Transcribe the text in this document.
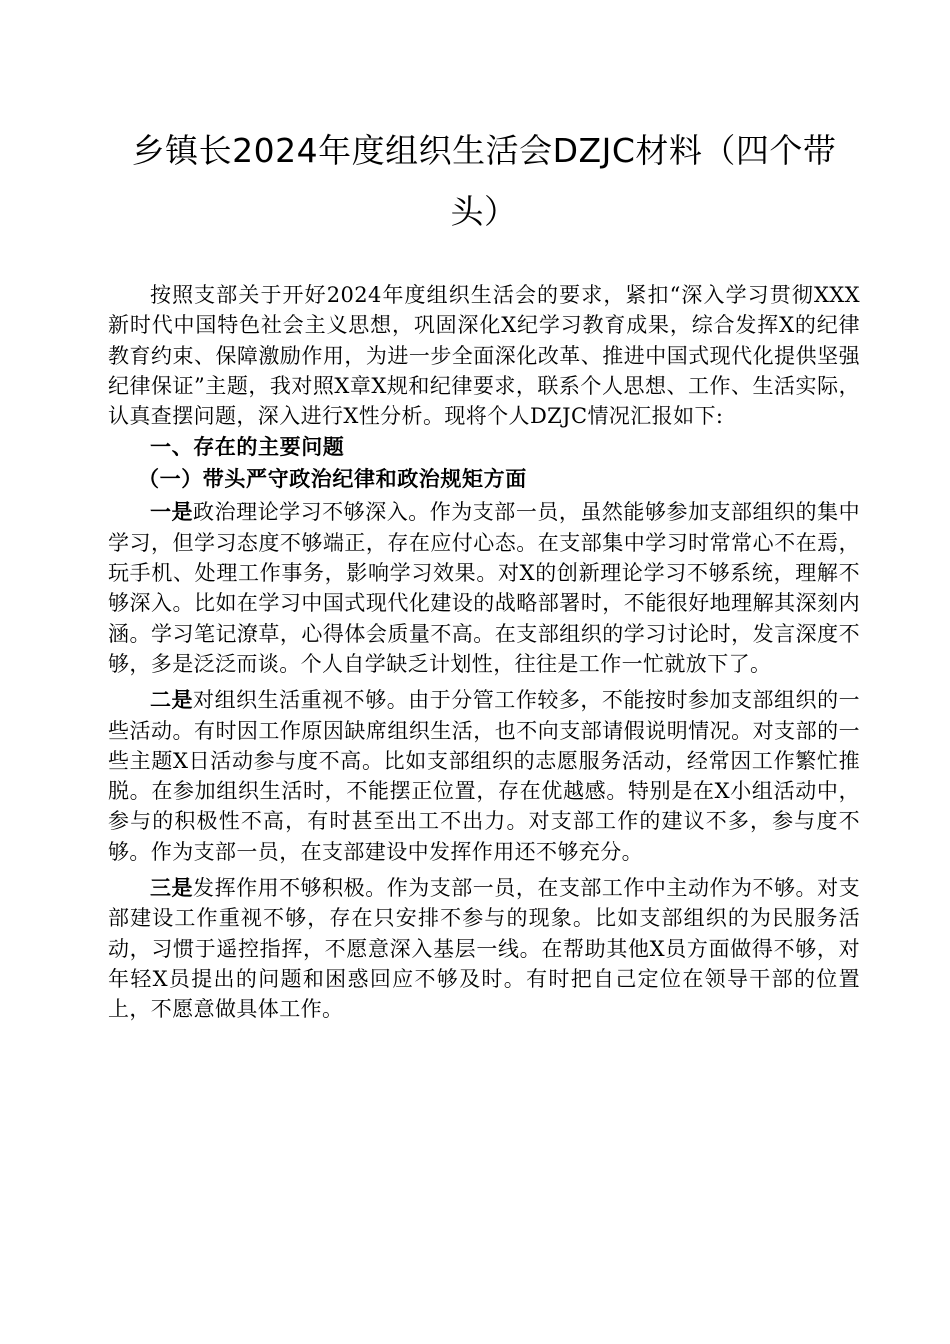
乡镇长2024年度组织生活会DZJC材料（四个带头）

按照支部关于开好2024年度组织生活会的要求，紧扣“深入学习贯彻XXX新时代中国特色社会主义思想，巩固深化X纪学习教育成果，综合发挥X的纪律教育约束、保障激励作用，为进一步全面深化改革、推进中国式现代化提供坚强纪律保证”主题，我对照X章X规和纪律要求，联系个人思想、工作、生活实际，认真查摆问题，深入进行X性分析。现将个人DZJC情况汇报如下:

一、存在的主要问题

（一）带头严守政治纪律和政治规矩方面

一是政治理论学习不够深入。作为支部一员，虽然能够参加支部组织的集中学习，但学习态度不够端正，存在应付心态。在支部集中学习时常常心不在焉，玩手机、处理工作事务，影响学习效果。对X的创新理论学习不够系统，理解不够深入。比如在学习中国式现代化建设的战略部署时，不能很好地理解其深刻内涵。学习笔记潦草，心得体会质量不高。在支部组织的学习讨论时，发言深度不够，多是泛泛而谈。个人自学缺乏计划性，往往是工作一忙就放下了。

二是对组织生活重视不够。由于分管工作较多，不能按时参加支部组织的一些活动。有时因工作原因缺席组织生活，也不向支部请假说明情况。对支部的一些主题X日活动参与度不高。比如支部组织的志愿服务活动，经常因工作繁忙推脱。在参加组织生活时，不能摆正位置，存在优越感。特别是在X小组活动中，参与的积极性不高，有时甚至出工不出力。对支部工作的建议不多，参与度不够。作为支部一员，在支部建设中发挥作用还不够充分。

三是发挥作用不够积极。作为支部一员，在支部工作中主动作为不够。对支部建设工作重视不够，存在只安排不参与的现象。比如支部组织的为民服务活动，习惯于遥控指挥，不愿意深入基层一线。在帮助其他X员方面做得不够，对年轻X员提出的问题和困惑回应不够及时。有时把自己定位在领导干部的位置上，不愿意做具体工作。
